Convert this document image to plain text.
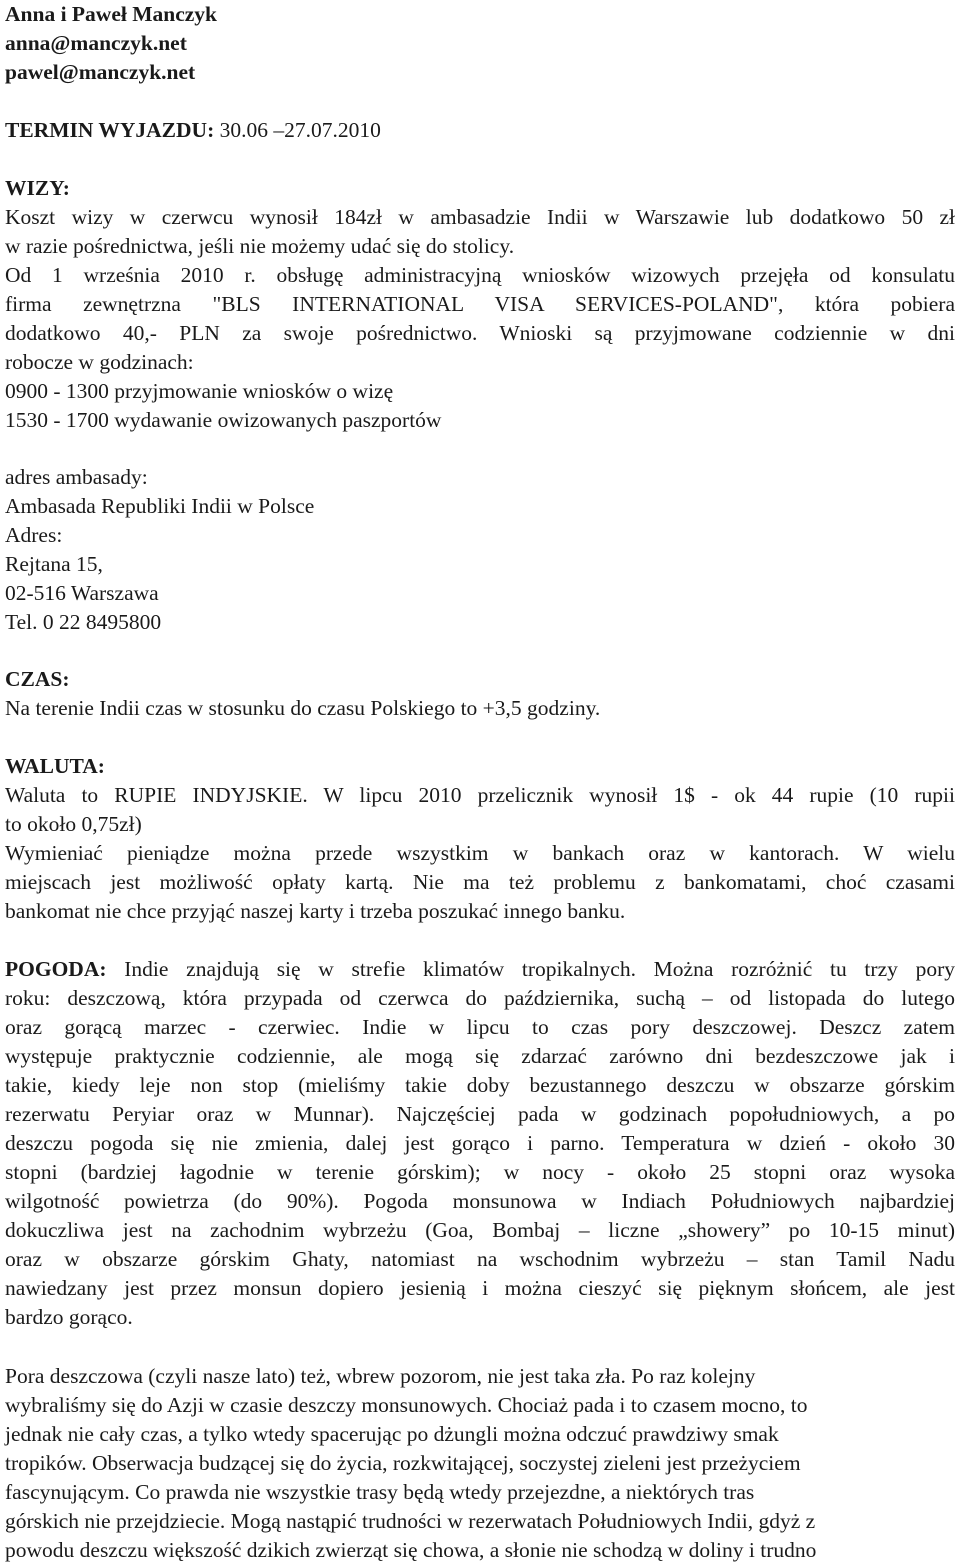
Anna i Paweł Manczyk
anna@manczyk.net
pawel@manczyk.net
TERMIN WYJAZDU: 30.06 –27.07.2010
WIZY:
Koszt wizy w czerwcu wynosił 184zł w ambasadzie Indii w Warszawie lub dodatkowo 50 zł
w razie pośrednictwa, jeśli nie możemy udać się do stolicy.
Od 1 września 2010 r. obsługę administracyjną wniosków wizowych przejęła od konsulatu
firma zewnętrzna "BLS INTERNATIONAL VISA SERVICES-POLAND", która pobiera
dodatkowo 40,- PLN za swoje pośrednictwo. Wnioski są przyjmowane codziennie w dni
robocze w godzinach:
0900 - 1300 przyjmowanie wniosków o wizę
1530 - 1700 wydawanie owizowanych paszportów
adres ambasady:
Ambasada Republiki Indii w Polsce
Adres:
Rejtana 15,
02-516 Warszawa
Tel. 0 22 8495800
CZAS:
Na terenie Indii czas w stosunku do czasu Polskiego to +3,5 godziny.
WALUTA:
Waluta to RUPIE INDYJSKIE. W lipcu 2010 przelicznik wynosił 1$ - ok 44 rupie (10 rupii
to około 0,75zł)
Wymieniać pieniądze można przede wszystkim w bankach oraz w kantorach. W wielu
miejscach jest możliwość opłaty kartą. Nie ma też problemu z bankomatami, choć czasami
bankomat nie chce przyjąć naszej karty i trzeba poszukać innego banku.
POGODA: Indie znajdują się w strefie klimatów tropikalnych. Można rozróżnić tu trzy pory
roku: deszczową, która przypada od czerwca do października, suchą – od listopada do lutego
oraz gorącą marzec - czerwiec. Indie w lipcu to czas pory deszczowej. Deszcz zatem
występuje praktycznie codziennie, ale mogą się zdarzać zarówno dni bezdeszczowe jak i
takie, kiedy leje non stop (mieliśmy takie doby bezustannego deszczu w obszarze górskim
rezerwatu Peryiar oraz w Munnar). Najczęściej pada w godzinach popołudniowych, a po
deszczu pogoda się nie zmienia, dalej jest gorąco i parno. Temperatura w dzień - około 30
stopni (bardziej łagodnie w terenie górskim); w nocy - około 25 stopni oraz wysoka
wilgotność powietrza (do 90%). Pogoda monsunowa w Indiach Południowych najbardziej
dokuczliwa jest na zachodnim wybrzeżu (Goa, Bombaj – liczne „showery” po 10-15 minut)
oraz w obszarze górskim Ghaty, natomiast na wschodnim wybrzeżu – stan Tamil Nadu
nawiedzany jest przez monsun dopiero jesienią i można cieszyć się pięknym słońcem, ale jest
bardzo gorąco.
Pora deszczowa (czyli nasze lato) też, wbrew pozorom, nie jest taka zła. Po raz kolejny
wybraliśmy się do Azji w czasie deszczy monsunowych. Chociaż pada i to czasem mocno, to
jednak nie cały czas, a tylko wtedy spacerując po dżungli można odczuć prawdziwy smak
tropików. Obserwacja budzącej się do życia, rozkwitającej, soczystej zieleni jest przeżyciem
fascynującym. Co prawda nie wszystkie trasy będą wtedy przejezdne, a niektórych tras
górskich nie przejdziecie. Mogą nastąpić trudności w rezerwatach Południowych Indii, gdyż z
powodu deszczu większość dzikich zwierząt się chowa, a słonie nie schodzą w doliny i trudno
